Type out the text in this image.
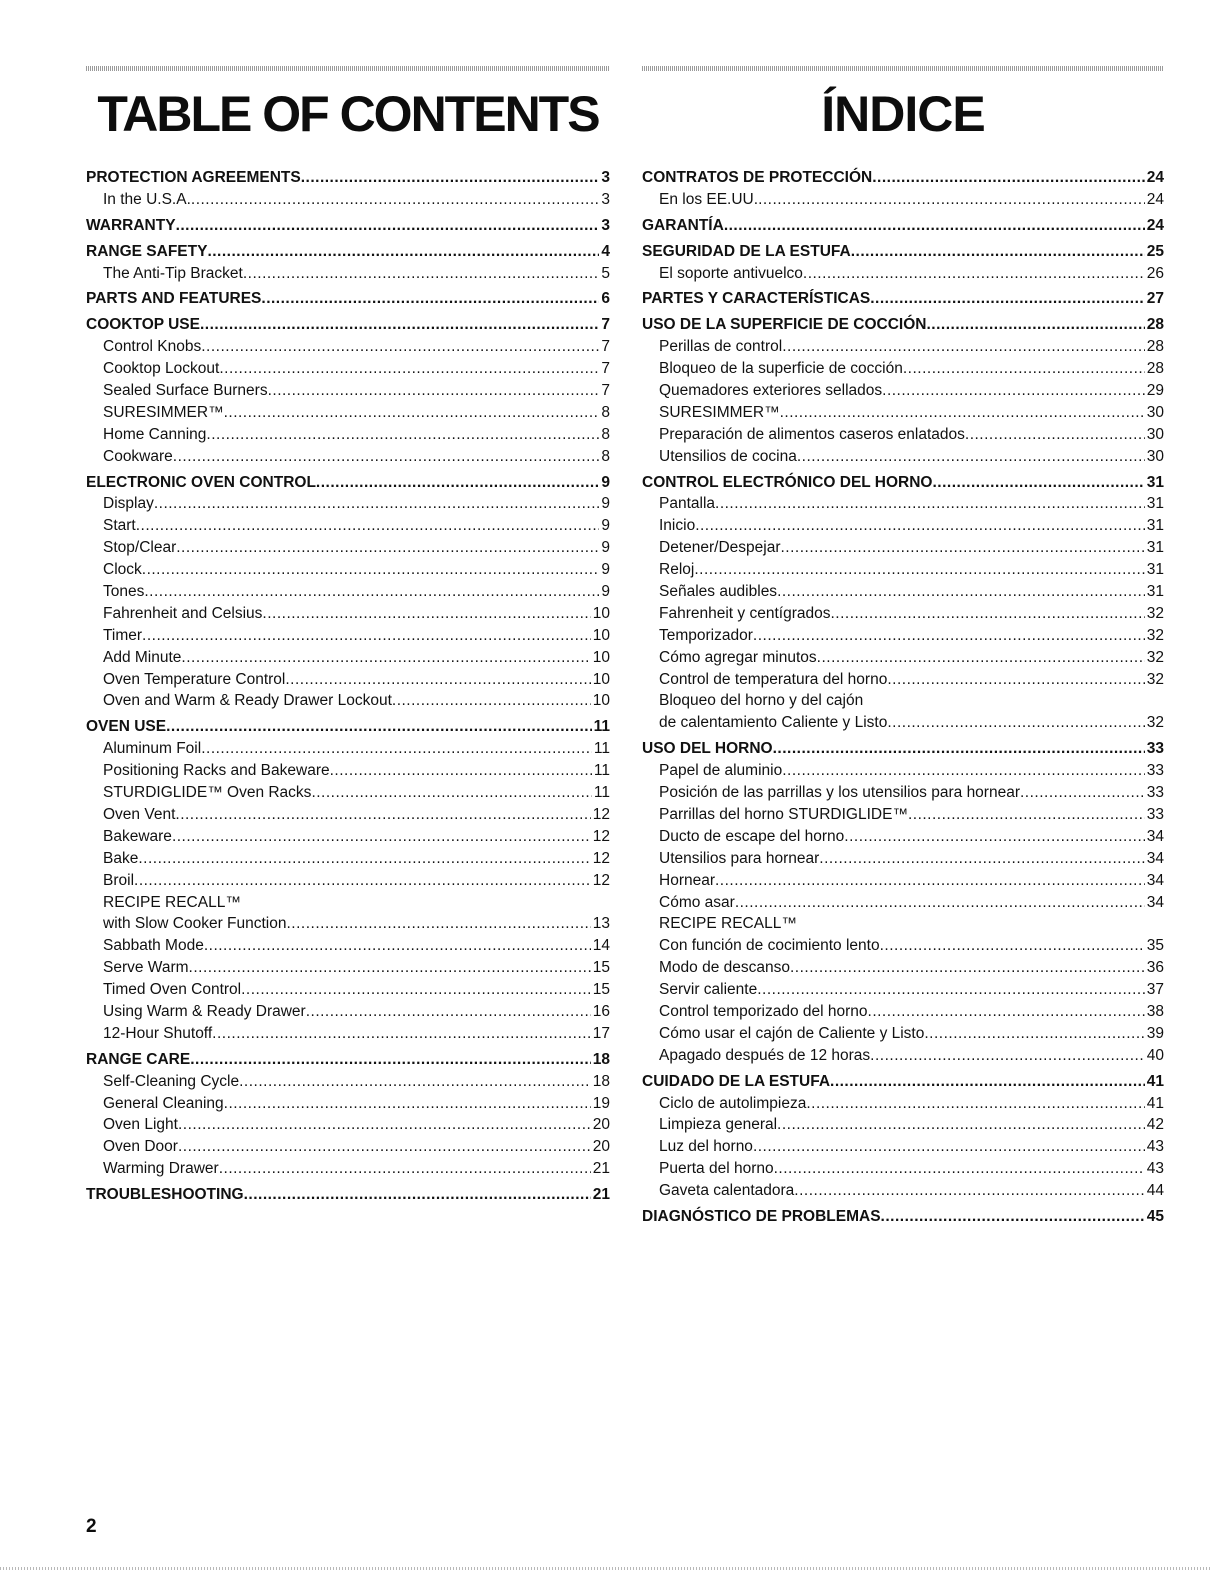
TABLE OF CONTENTS
PROTECTION AGREEMENTS .....	3
In the U.S.A. .....	3
WARRANTY .....	3
RANGE SAFETY .....	4
The Anti-Tip Bracket .....	5
PARTS AND FEATURES .....	6
COOKTOP USE .....	7
Control Knobs .....	7
Cooktop Lockout .....	7
Sealed Surface Burners .....	7
SURESIMMER™ .....	8
Home Canning .....	8
Cookware .....	8
ELECTRONIC OVEN CONTROL .....	9
Display .....	9
Start .....	9
Stop/Clear .....	9
Clock .....	9
Tones .....	9
Fahrenheit and Celsius .....	10
Timer .....	10
Add Minute .....	10
Oven Temperature Control .....	10
Oven and Warm & Ready Drawer Lockout .....	10
OVEN USE .....	11
Aluminum Foil .....	11
Positioning Racks and Bakeware .....	11
STURDIGLIDE™ Oven Racks .....	11
Oven Vent .....	12
Bakeware .....	12
Bake .....	12
Broil .....	12
RECIPE RECALL™
with Slow Cooker Function .....	13
Sabbath Mode .....	14
Serve Warm .....	15
Timed Oven Control .....	15
Using Warm & Ready Drawer .....	16
12-Hour Shutoff .....	17
RANGE CARE .....	18
Self-Cleaning Cycle .....	18
General Cleaning .....	19
Oven Light .....	20
Oven Door .....	20
Warming Drawer .....	21
TROUBLESHOOTING .....	21
ÍNDICE
CONTRATOS DE PROTECCIÓN .....	24
En los EE.UU. .....	24
GARANTÍA .....	24
SEGURIDAD DE LA ESTUFA .....	25
El soporte antivuelco .....	26
PARTES Y CARACTERÍSTICAS .....	27
USO DE LA SUPERFICIE DE COCCIÓN .....	28
Perillas de control .....	28
Bloqueo de la superficie de cocción .....	28
Quemadores exteriores sellados .....	29
SURESIMMER™ .....	30
Preparación de alimentos caseros enlatados .....	30
Utensilios de cocina .....	30
CONTROL ELECTRÓNICO DEL HORNO .....	31
Pantalla .....	31
Inicio .....	31
Detener/Despejar .....	31
Reloj .....	31
Señales audibles .....	31
Fahrenheit y centígrados .....	32
Temporizador .....	32
Cómo agregar minutos .....	32
Control de temperatura del horno .....	32
Bloqueo del horno y del cajón
de calentamiento Caliente y Listo .....	32
USO DEL HORNO .....	33
Papel de aluminio .....	33
Posición de las parrillas y los utensilios para hornear .....	33
Parrillas del horno STURDIGLIDE™ .....	33
Ducto de escape del horno .....	34
Utensilios para hornear .....	34
Hornear .....	34
Cómo asar .....	34
RECIPE RECALL™
Con función de cocimiento lento .....	35
Modo de descanso .....	36
Servir caliente .....	37
Control temporizado del horno .....	38
Cómo usar el cajón de Caliente y Listo .....	39
Apagado después de 12 horas .....	40
CUIDADO DE LA ESTUFA .....	41
Ciclo de autolimpieza .....	41
Limpieza general .....	42
Luz del horno .....	43
Puerta del horno .....	43
Gaveta calentadora .....	44
DIAGNÓSTICO DE PROBLEMAS .....	45
2
